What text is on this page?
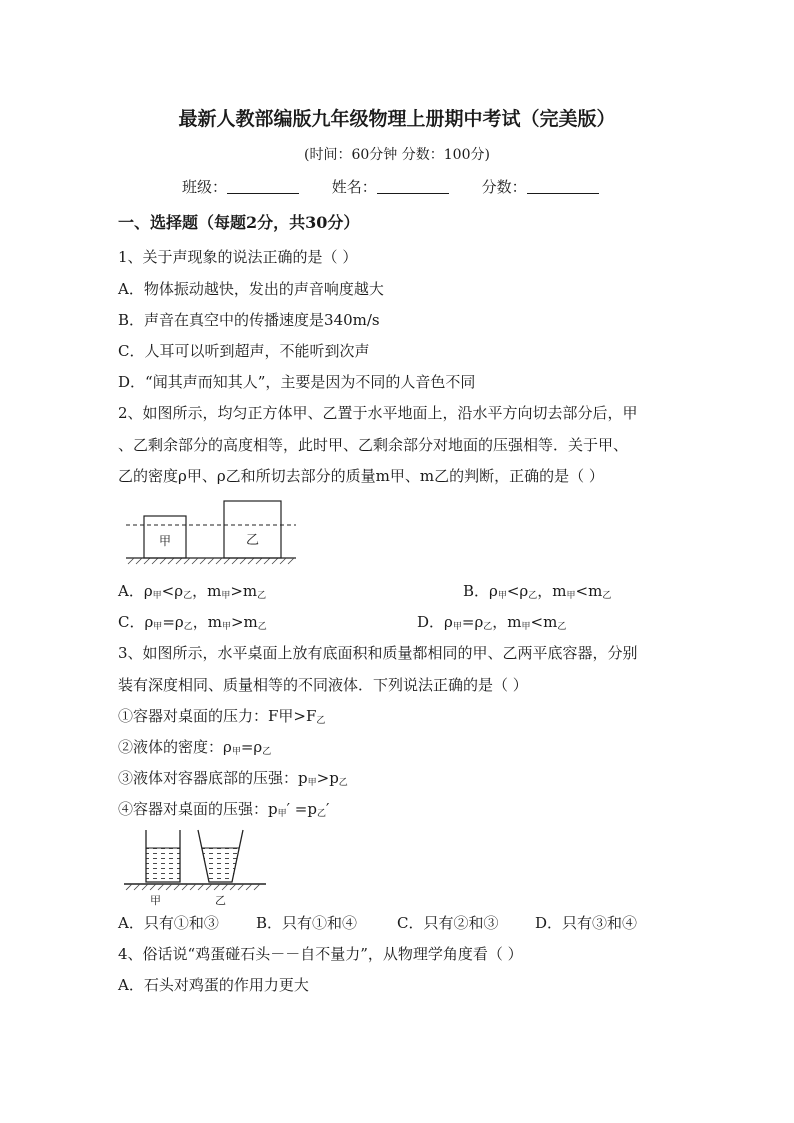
最新人教部编版九年级物理上册期中考试（完美版）
(时间：60分钟 分数：100分)
班级：	姓名：	分数：
一、选择题（每题2分，共30分）
1、关于声现象的说法正确的是（ ）
A．物体振动越快，发出的声音响度越大
B．声音在真空中的传播速度是340m/s
C．人耳可以听到超声，不能听到次声
D．“闻其声而知其人”，主要是因为不同的人音色不同
2、如图所示，均匀正方体甲、乙置于水平地面上，沿水平方向切去部分后，甲
、乙剩余部分的高度相等，此时甲、乙剩余部分对地面的压强相等．关于甲、
乙的密度ρ甲、ρ乙和所切去部分的质量m甲、m乙的判断，正确的是（ ）
甲	乙
A．$\rho_甲<\rho_乙$，$m_甲>m_乙$	B．$\rho_甲<\rho_乙$，$m_甲<m_乙$
C．$\rho_甲=\rho_乙$，$m_甲>m_乙$	D．$\rho_甲=\rho_乙$，$m_甲<m_乙$
3、如图所示，水平桌面上放有底面积和质量都相同的甲、乙两平底容器，分别
装有深度相同、质量相等的不同液体．下列说法正确的是（ ）
①容器对桌面的压力：F甲$>F_乙$
②液体的密度：$\rho_甲=\rho_乙$
③液体对容器底部的压强：$p_甲>p_乙$
④容器对桌面的压强：$p_甲' =p_乙'$
甲	乙
A．只有①和③ B．只有①和④	C．只有②和③ D．只有③和④
4、俗话说“鸡蛋碰石头－－自不量力”，从物理学角度看（ ）
A．石头对鸡蛋的作用力更大
